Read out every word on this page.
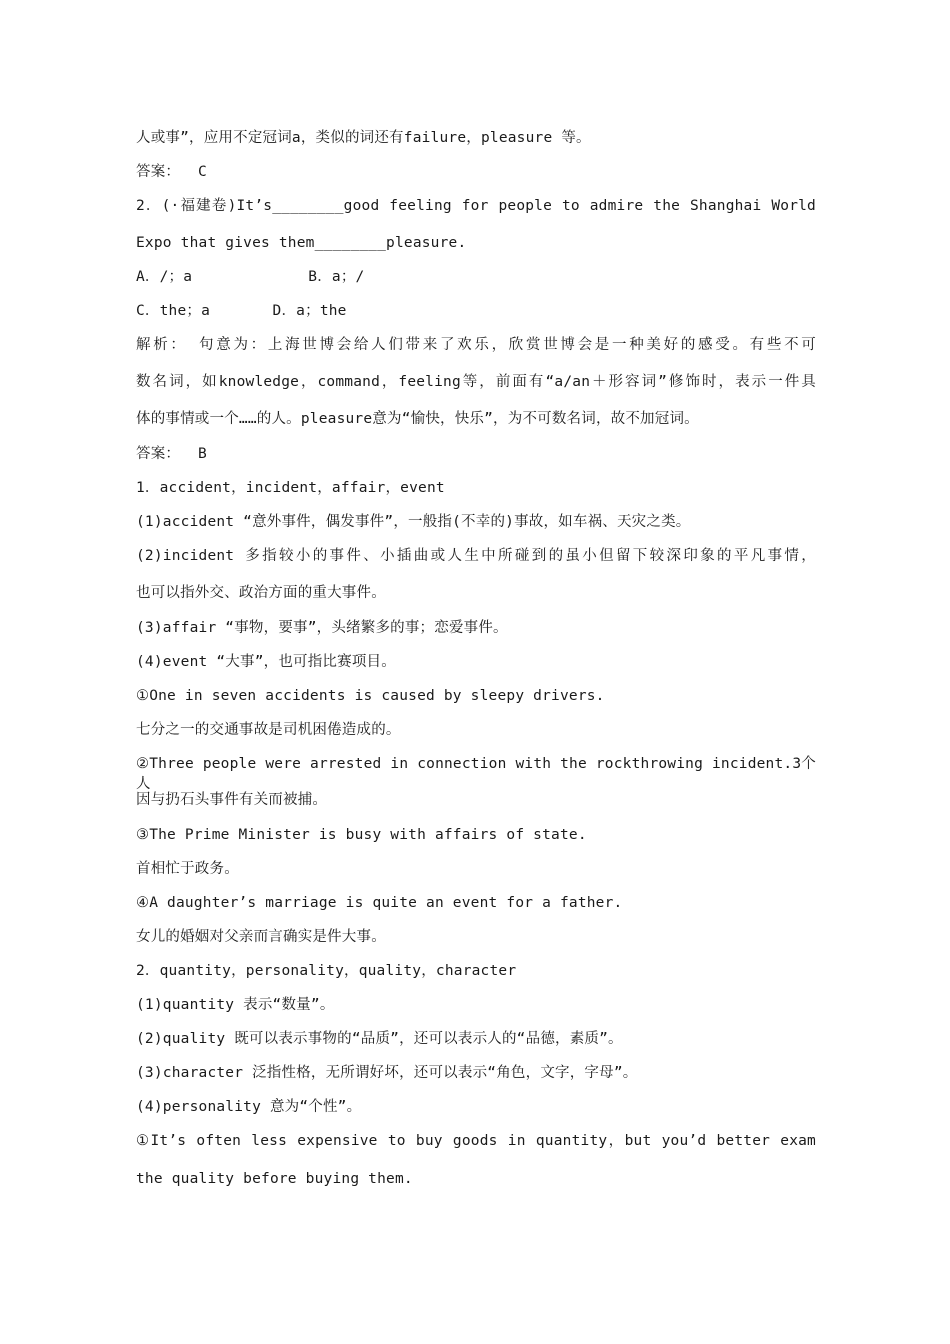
人或事”，应用不定冠词a，类似的词还有failure，pleasure 等。
答案：  C
2．(·福建卷)It’s________good feeling for people to admire the Shanghai World
Expo that gives them________pleasure.
A．/；a             B．a；/
C．the；a       D．a；the
解析： 句意为：上海世博会给人们带来了欢乐，欣赏世博会是一种美好的感受。有些不可
数名词，如knowledge，command，feeling等，前面有“a/an＋形容词”修饰时，表示一件具
体的事情或一个……的人。pleasure意为“愉快，快乐”，为不可数名词，故不加冠词。
答案：  B
1．accident，incident，affair，event
(1)accident “意外事件，偶发事件”，一般指(不幸的)事故，如车祸、天灾之类。
(2)incident 多指较小的事件、小插曲或人生中所碰到的虽小但留下较深印象的平凡事情，
也可以指外交、政治方面的重大事件。
(3)affair “事物，要事”，头绪繁多的事；恋爱事件。
(4)event “大事”，也可指比赛项目。
①One in seven accidents is caused by sleepy drivers.
七分之一的交通事故是司机困倦造成的。
②Three people were arrested in connection with the rockthrowing incident.3个人
因与扔石头事件有关而被捕。
③The Prime Minister is busy with affairs of state.
首相忙于政务。
④A daughter’s marriage is quite an event for a father.
女儿的婚姻对父亲而言确实是件大事。
2．quantity，personality，quality，character
(1)quantity 表示“数量”。
(2)quality 既可以表示事物的“品质”，还可以表示人的“品德，素质”。
(3)character 泛指性格，无所谓好坏，还可以表示“角色，文字，字母”。
(4)personality 意为“个性”。
①It’s often less expensive to buy goods in quantity，but you’d better exam
the quality before buying them.
